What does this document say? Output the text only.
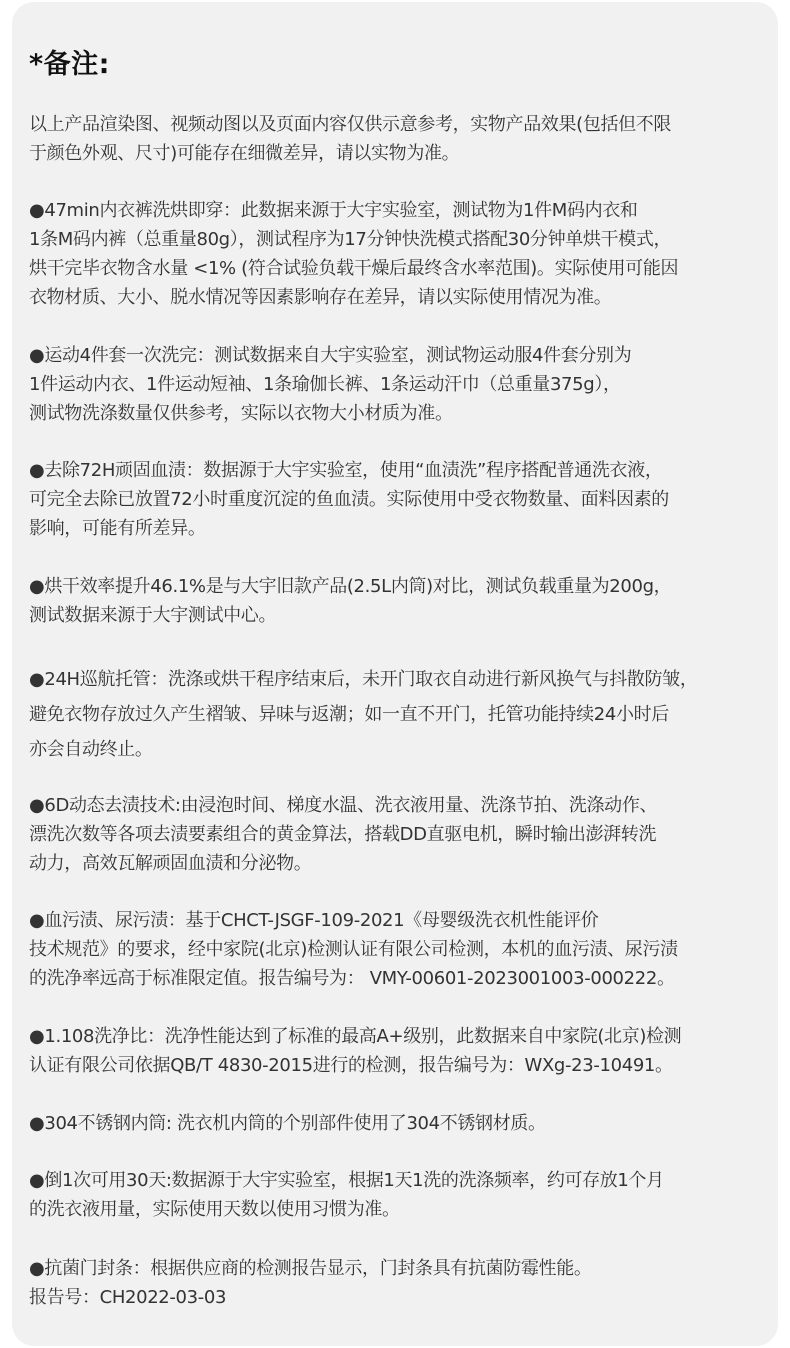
*备注:
以上产品渲染图、视频动图以及页面内容仅供示意参考，实物产品效果(包括但不限
于颜色外观、尺寸)可能存在细微差异，请以实物为准。
●47min内衣裤洗烘即穿：此数据来源于大宇实验室，测试物为1件M码内衣和
1条M码内裤（总重量80g），测试程序为17分钟快洗模式搭配30分钟单烘干模式，
烘干完毕衣物含水量 <1% (符合试验负载干燥后最终含水率范围)。实际使用可能因
衣物材质、大小、脱水情况等因素影响存在差异，请以实际使用情况为准。
●运动4件套一次洗完：测试数据来自大宇实验室，测试物运动服4件套分别为
1件运动内衣、1件运动短袖、1条瑜伽长裤、1条运动汗巾（总重量375g），
测试物洗涤数量仅供参考，实际以衣物大小材质为准。
●去除72H顽固血渍：数据源于大宇实验室，使用“血渍洗”程序搭配普通洗衣液，
可完全去除已放置72小时重度沉淀的鱼血渍。实际使用中受衣物数量、面料因素的
影响，可能有所差异。
●烘干效率提升46.1%是与大宇旧款产品(2.5L内筒)对比，测试负载重量为200g，
测试数据来源于大宇测试中心。
●24H巡航托管：洗涤或烘干程序结束后，未开门取衣自动进行新风换气与抖散防皱，
避免衣物存放过久产生褶皱、异味与返潮；如一直不开门，托管功能持续24小时后
亦会自动终止。
●6D动态去渍技术:由浸泡时间、梯度水温、洗衣液用量、洗涤节拍、洗涤动作、
漂洗次数等各项去渍要素组合的黄金算法，搭载DD直驱电机，瞬时输出澎湃转洗
动力，高效瓦解顽固血渍和分泌物。
●血污渍、尿污渍：基于CHCT-JSGF-109-2021《母婴级洗衣机性能评价
技术规范》的要求，经中家院(北京)检测认证有限公司检测，本机的血污渍、尿污渍
的洗净率远高于标准限定值。报告编号为： VMY-00601-2023001003-000222。
●1.108洗净比：洗净性能达到了标准的最高A+级别，此数据来自中家院(北京)检测
认证有限公司依据QB/T 4830-2015进行的检测，报告编号为：WXg-23-10491。
●304不锈钢内筒: 洗衣机内筒的个别部件使用了304不锈钢材质。
●倒1次可用30天:数据源于大宇实验室，根据1天1洗的洗涤频率，约可存放1个月
的洗衣液用量，实际使用天数以使用习惯为准。
●抗菌门封条：根据供应商的检测报告显示，门封条具有抗菌防霉性能。
报告号：CH2022-03-03
